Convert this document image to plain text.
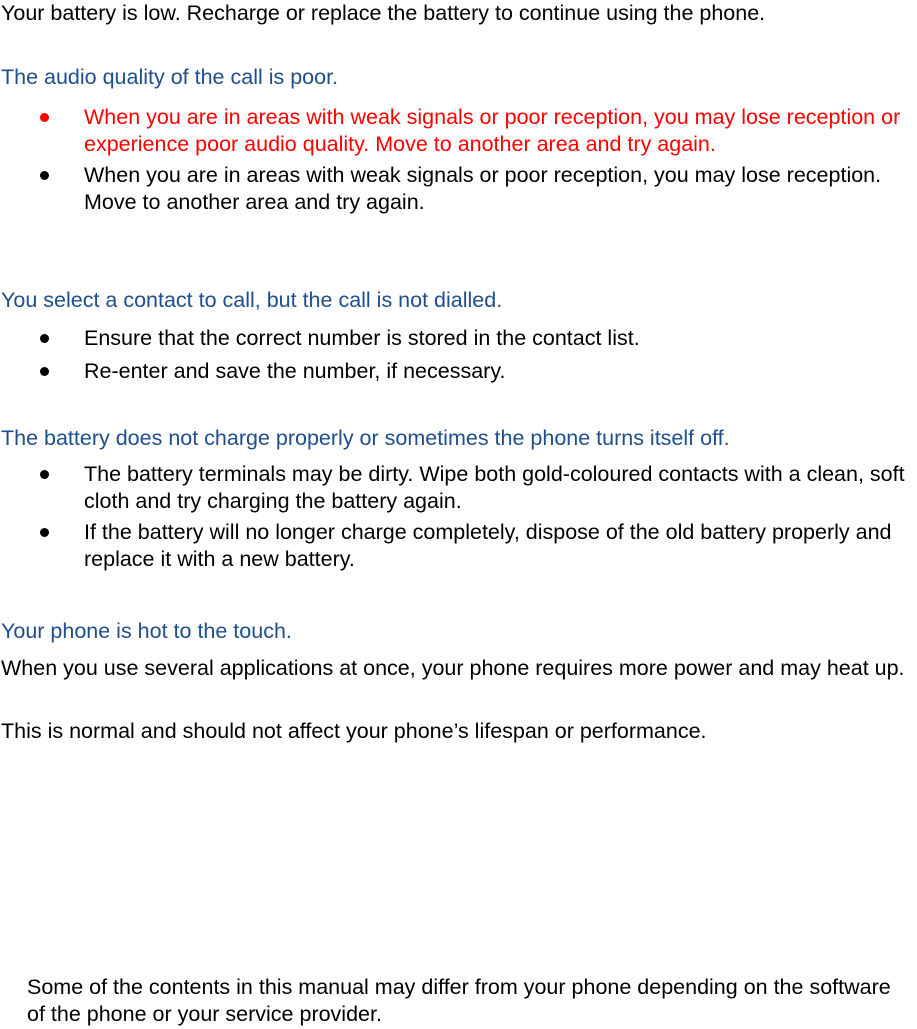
Your battery is low. Recharge or replace the battery to continue using the phone.

The audio quality of the call is poor.

When you are in areas with weak signals or poor reception, you may lose reception or experience poor audio quality. Move to another area and try again.
When you are in areas with weak signals or poor reception, you may lose reception. Move to another area and try again.

You select a contact to call, but the call is not dialled.

Ensure that the correct number is stored in the contact list.
Re-enter and save the number, if necessary.

The battery does not charge properly or sometimes the phone turns itself off.

The battery terminals may be dirty. Wipe both gold-coloured contacts with a clean, soft cloth and try charging the battery again.
If the battery will no longer charge completely, dispose of the old battery properly and replace it with a new battery.

Your phone is hot to the touch.

When you use several applications at once, your phone requires more power and may heat up.

This is normal and should not affect your phone’s lifespan or performance.

Some of the contents in this manual may differ from your phone depending on the software of the phone or your service provider.
